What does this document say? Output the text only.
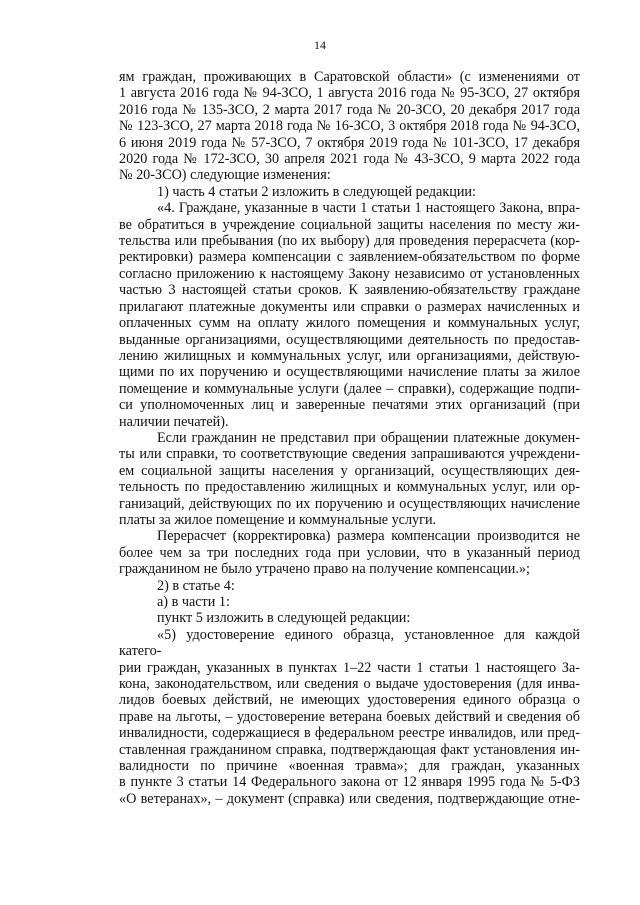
14

ям граждан, проживающих в Саратовской области» (с изменениями от

1 августа 2016 года № 94-ЗСО, 1 августа 2016 года № 95-ЗСО, 27 октября

2016 года № 135-ЗСО, 2 марта 2017 года № 20-ЗСО, 20 декабря 2017 года

№ 123-ЗСО, 27 марта 2018 года № 16-ЗСО, 3 октября 2018 года № 94-ЗСО,

6 июня 2019 года № 57-ЗСО, 7 октября 2019 года № 101-ЗСО, 17 декабря

2020 года № 172-ЗСО, 30 апреля 2021 года № 43-ЗСО, 9 марта 2022 года

№ 20-ЗСО) следующие изменения:

1) часть 4 статьи 2 изложить в следующей редакции:

«4. Граждане, указанные в части 1 статьи 1 настоящего Закона, впра-

ве обратиться в учреждение социальной защиты населения по месту жи-

тельства или пребывания (по их выбору) для проведения перерасчета (кор-

ректировки) размера компенсации с заявлением-обязательством по форме

согласно приложению к настоящему Закону независимо от установленных

частью 3 настоящей статьи сроков. К заявлению-обязательству граждане

прилагают платежные документы или справки о размерах начисленных и

оплаченных сумм на оплату жилого помещения и коммунальных услуг,

выданные организациями, осуществляющими деятельность по предостав-

лению жилищных и коммунальных услуг, или организациями, действую-

щими по их поручению и осуществляющими начисление платы за жилое

помещение и коммунальные услуги (далее – справки), содержащие подпи-

си уполномоченных лиц и заверенные печатями этих организаций (при

наличии печатей).

Если гражданин не представил при обращении платежные докумен-

ты или справки, то соответствующие сведения запрашиваются учреждени-

ем социальной защиты населения у организаций, осуществляющих дея-

тельность по предоставлению жилищных и коммунальных услуг, или ор-

ганизаций, действующих по их поручению и осуществляющих начисление

платы за жилое помещение и коммунальные услуги.

Перерасчет (корректировка) размера компенсации производится не

более чем за три последних года при условии, что в указанный период

гражданином не было утрачено право на получение компенсации.»;

2) в статье 4:

а) в части 1:

пункт 5 изложить в следующей редакции:

«5) удостоверение единого образца, установленное для каждой катего-

рии граждан, указанных в пунктах 1–22 части 1 статьи 1 настоящего За-

кона, законодательством, или сведения о выдаче удостоверения (для инва-

лидов боевых действий, не имеющих удостоверения единого образца о

праве на льготы, – удостоверение ветерана боевых действий и сведения об

инвалидности, содержащиеся в федеральном реестре инвалидов, или пред-

ставленная гражданином справка, подтверждающая факт установления ин-

валидности по причине «военная травма»; для граждан, указанных

в пункте 3 статьи 14 Федерального закона от 12 января 1995 года № 5-ФЗ

«О ветеранах», – документ (справка) или сведения, подтверждающие отне-
